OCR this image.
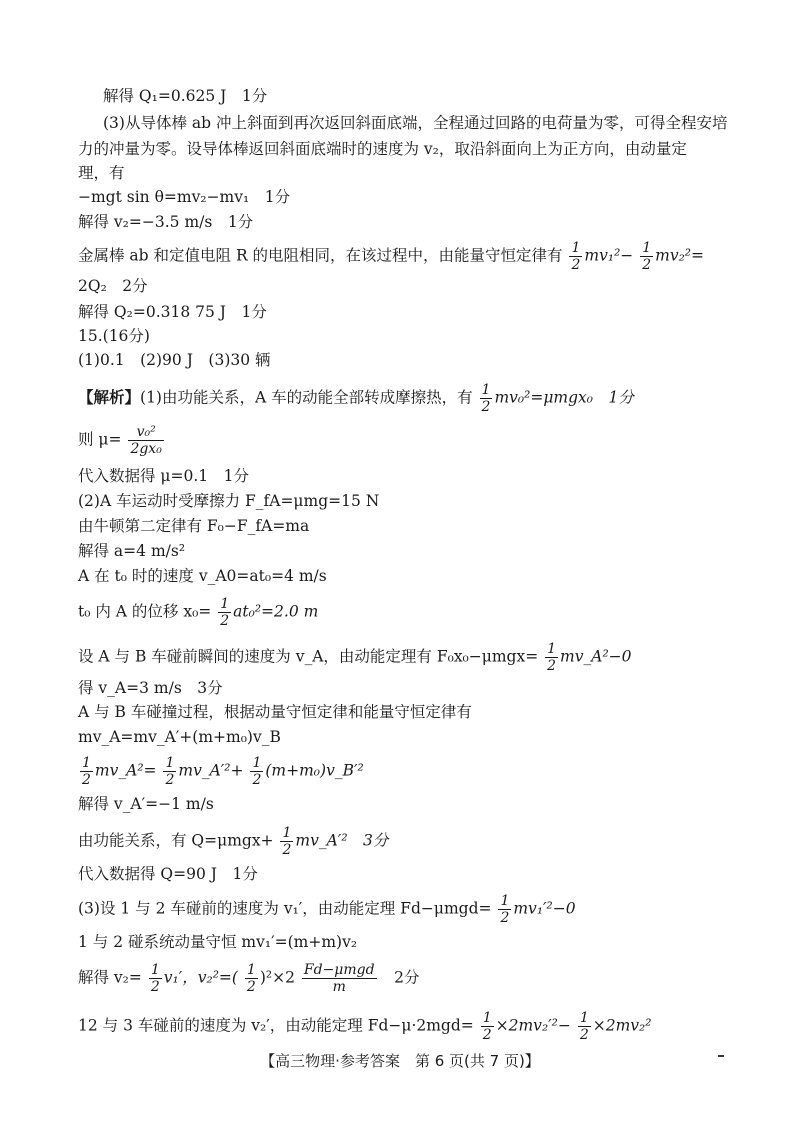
解得 Q₁=0.625 J　1分
(3)从导体棒 ab 冲上斜面到再次返回斜面底端，全程通过回路的电荷量为零，可得全程安培
力的冲量为零。设导体棒返回斜面底端时的速度为 v₂，取沿斜面向上为正方向，由动量定
理，有
−mgt sin θ=mv₂−mv₁　1分
解得 v₂=−3.5 m/s　1分
金属棒 ab 和定值电阻 R 的电阻相同，在该过程中，由能量守恒定律有 $\frac{1}{2} mv_1^2- \frac{1}{2} mv_2^2=$
2Q₂　2分
解得 Q₂=0.318 75 J　1分
15.(16分)
(1)0.1　(2)90 J　(3)30 辆
【解析】(1)由功能关系，A 车的动能全部转成摩擦热，有 $\frac{1}{2} mv_0^2=\mu mgx_0$　1分
则 $\mu= \frac{\text{v₀²}}{\text{2gx₀}}$
代入数据得 μ=0.1　1分
(2)A 车运动时受摩擦力 F_fA=μmg=15 N
由牛顿第二定律有 F₀−F_fA=ma
解得 a=4 m/s²
A 在 t₀ 时的速度 v_A0=at₀=4 m/s
t₀ 内 A 的位移 $x_0= \frac{1}{2} at_0^2=2.0$ m
设 A 与 B 车碰前瞬间的速度为 v_A，由动能定理有 $F_0x_0-\mu mgx= \frac{1}{2}$ mv_A²−0
得 v_A=3 m/s　3分
A 与 B 车碰撞过程，根据动量守恒定律和能量守恒定律有
mv_A=mv_A′+(m+m₀)v_B
$\frac{1}{2}$ mv_A²= $\frac{1}{2}$ mv_A′²+ $\frac{1}{2}$ (m+m₀)v_B′²
解得 v_A′=−1 m/s
由功能关系，有 $Q=\mu mgx+ \frac{1}{2}$ mv_A′²　3分
代入数据得 Q=90 J　1分
(3)设 1 与 2 车碰前的速度为 v₁′，由动能定理 $Fd-\mu mgd= \frac{1}{2} mv_1'^2-0$
1 与 2 碰系统动量守恒 mv₁′=(m+m)v₂
解得 $v_2= \frac{1}{2} v_1'$，$v_2^2=( \frac{1}{2} )^2\times 2 \frac{\text{Fd−μmgd}}{m}$ 　2分
12 与 3 车碰前的速度为 v₂′，由动能定理 $Fd-\mu\cdot 2mgd= \frac{1}{2} \times 2mv_2'^2- \frac{1}{2} \times 2mv_2^2$
【高三物理·参考答案　第 6 页(共 7 页)】
